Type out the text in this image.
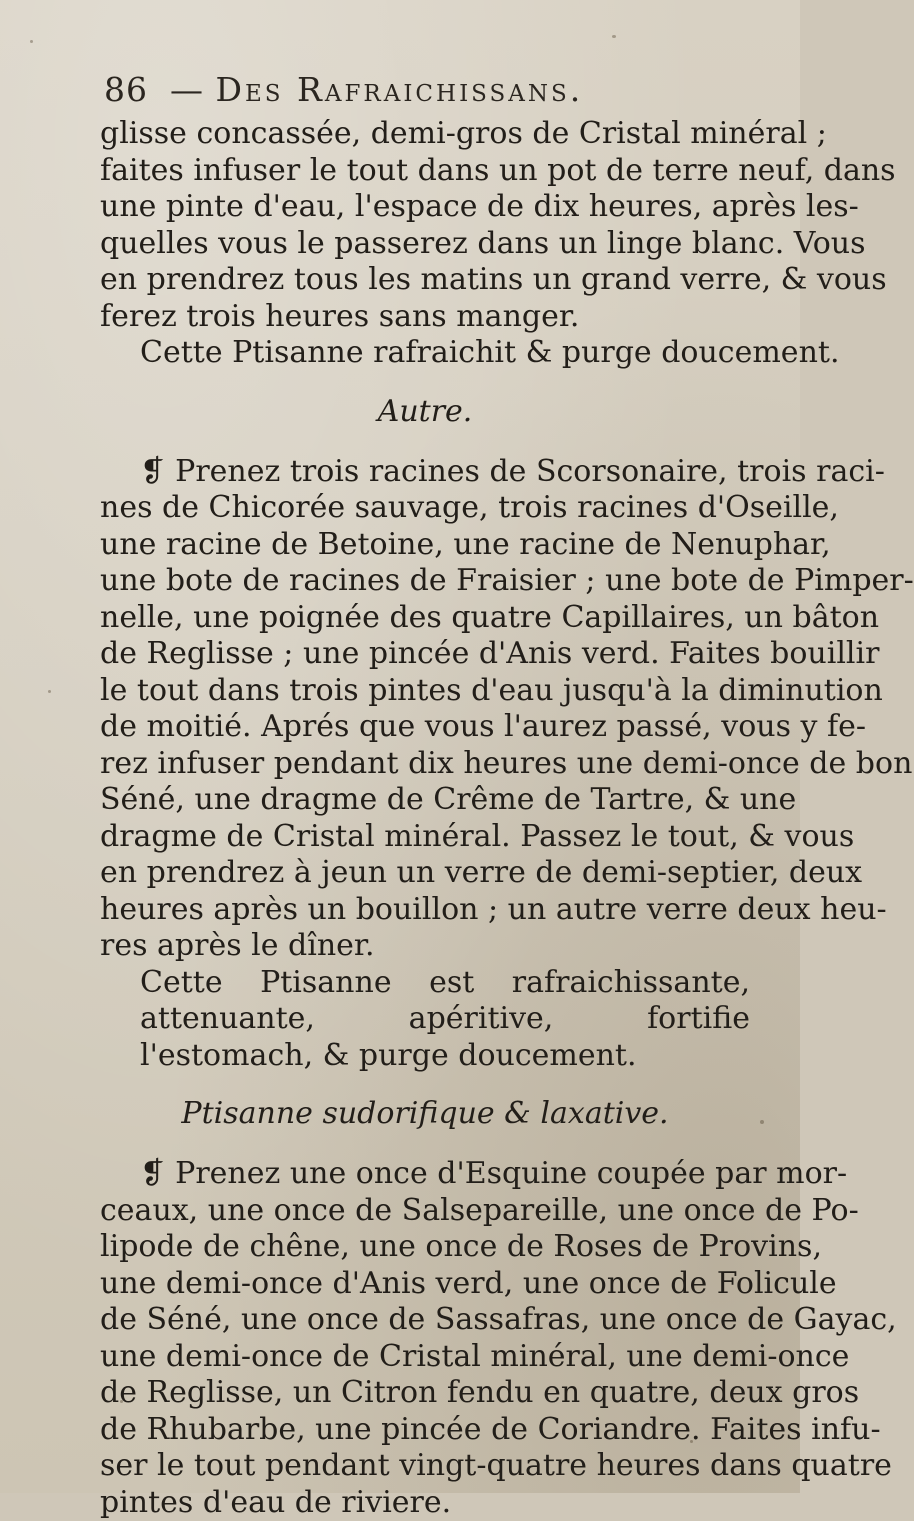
86 — Des Rafraichissans.
glisse concassée, demi-gros de Cristal minéral ;
faites infuser le tout dans un pot de terre neuf, dans
une pinte d'eau, l'espace de dix heures, après les-
quelles vous le passerez dans un linge blanc. Vous
en prendrez tous les matins un grand verre, & vous
ferez trois heures sans manger.
Cette Ptisanne rafraichit & purge doucement.
Autre.
❡ Prenez trois racines de Scorsonaire, trois raci-
nes de Chicorée sauvage, trois racines d'Oseille,
une racine de Betoine, une racine de Nenuphar,
une bote de racines de Fraisier ; une bote de Pimper-
nelle, une poignée des quatre Capillaires, un bâton
de Reglisse ; une pincée d'Anis verd. Faites bouillir
le tout dans trois pintes d'eau jusqu'à la diminution
de moitié. Aprés que vous l'aurez passé, vous y fe-
rez infuser pendant dix heures une demi-once de bon
Séné, une dragme de Crême de Tartre, & une
dragme de Cristal minéral. Passez le tout, & vous
en prendrez à jeun un verre de demi-septier, deux
heures après un bouillon ; un autre verre deux heu-
res après le dîner.
Cette Ptisanne est rafraichissante, attenuante, apéritive, fortifie l'estomach, & purge doucement.
Ptisanne sudorifique & laxative.
❡ Prenez une once d'Esquine coupée par mor-
ceaux, une once de Salsepareille, une once de Po-
lipode de chêne, une once de Roses de Provins,
une demi-once d'Anis verd, une once de Folicule
de Séné, une once de Sassafras, une once de Gayac,
une demi-once de Cristal minéral, une demi-once
de Reglisse, un Citron fendu en quatre, deux gros
de Rhubarbe, une pincée de Coriandre. Faites infu-
ser le tout pendant vingt-quatre heures dans quatre
pintes d'eau de riviere.
